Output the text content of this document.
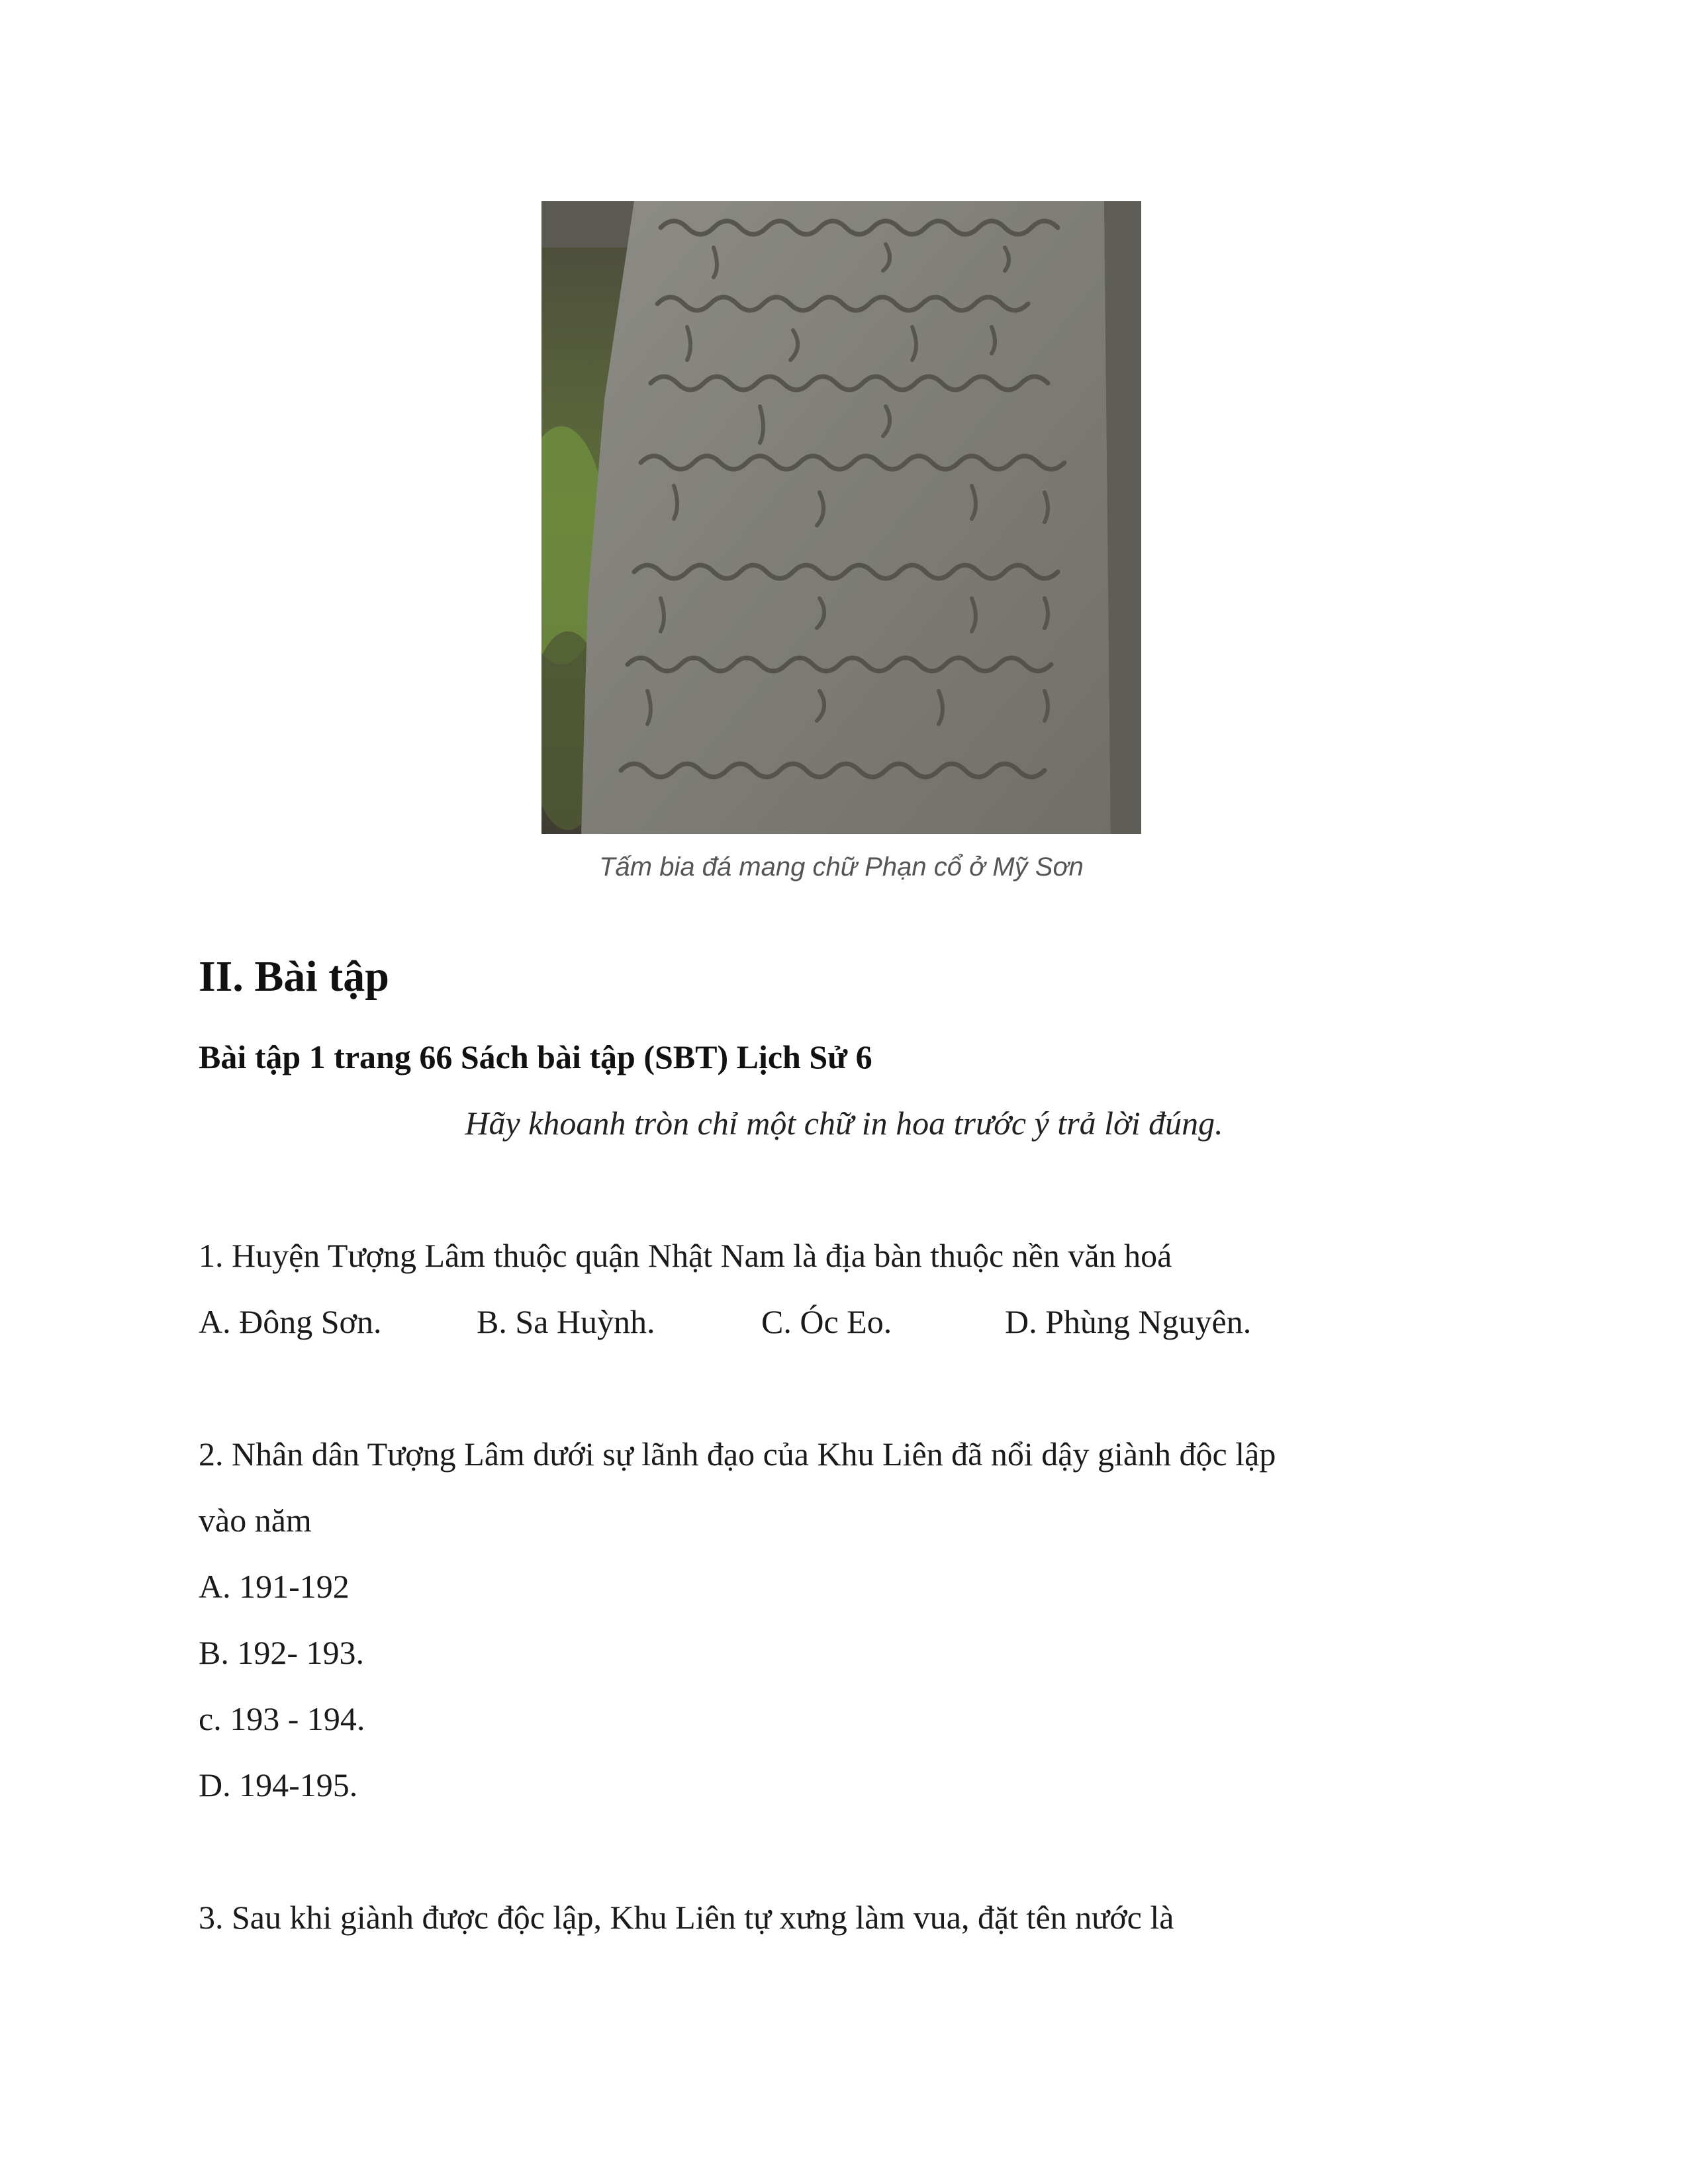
Tấm bia đá mang chữ Phạn cổ ở Mỹ Sơn
II. Bài tập
Bài tập 1 trang 66 Sách bài tập (SBT) Lịch Sử 6
Hãy khoanh tròn chỉ một chữ in hoa trước ý trả lời đúng.
1. Huyện Tượng Lâm thuộc quận Nhật Nam là địa bàn thuộc nền văn hoá
A. Đông Sơn.	B. Sa Huỳnh.	C. Óc Eo.	D. Phùng Nguyên.
2. Nhân dân Tượng Lâm dưới sự lãnh đạo của Khu Liên đã nổi dậy giành độc lập
vào năm
A. 191-192
B. 192- 193.
c. 193 - 194.
D. 194-195.
3. Sau khi giành được độc lập, Khu Liên tự xưng làm vua, đặt tên nước là
